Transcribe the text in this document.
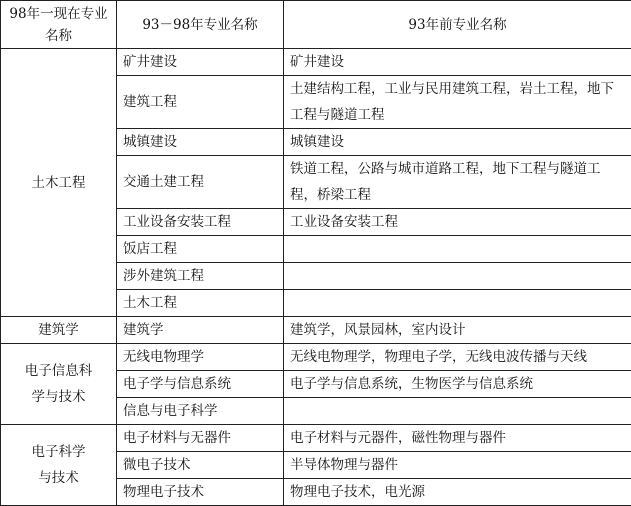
98年一现在专业名称	93－98年专业名称	93年前专业名称
土木工程	矿井建设	矿井建设
	建筑工程	土建结构工程，工业与民用建筑工程，岩土工程，地下工程与隧道工程

	城镇建设	城镇建设
	交通土建工程	铁道工程，公路与城市道路工程，地下工程与隧道工程，桥梁工程

	工业设备安装工程	工业设备安装工程
	饭店工程	
	涉外建筑工程	
	土木工程	
建筑学	建筑学	建筑学，风景园林，室内设计

电子信息科学与技术	无线电物理学	无线电物理学，物理电子学，无线电波传播与天线
	电子学与信息系统	电子学与信息系统，生物医学与信息系统
	信息与电子科学	

电子科学与技术	电子材料与无器件	电子材料与元器件，磁性物理与器件
	微电子技术	半导体物理与器件
	物理电子技术	物理电子技术，电光源
